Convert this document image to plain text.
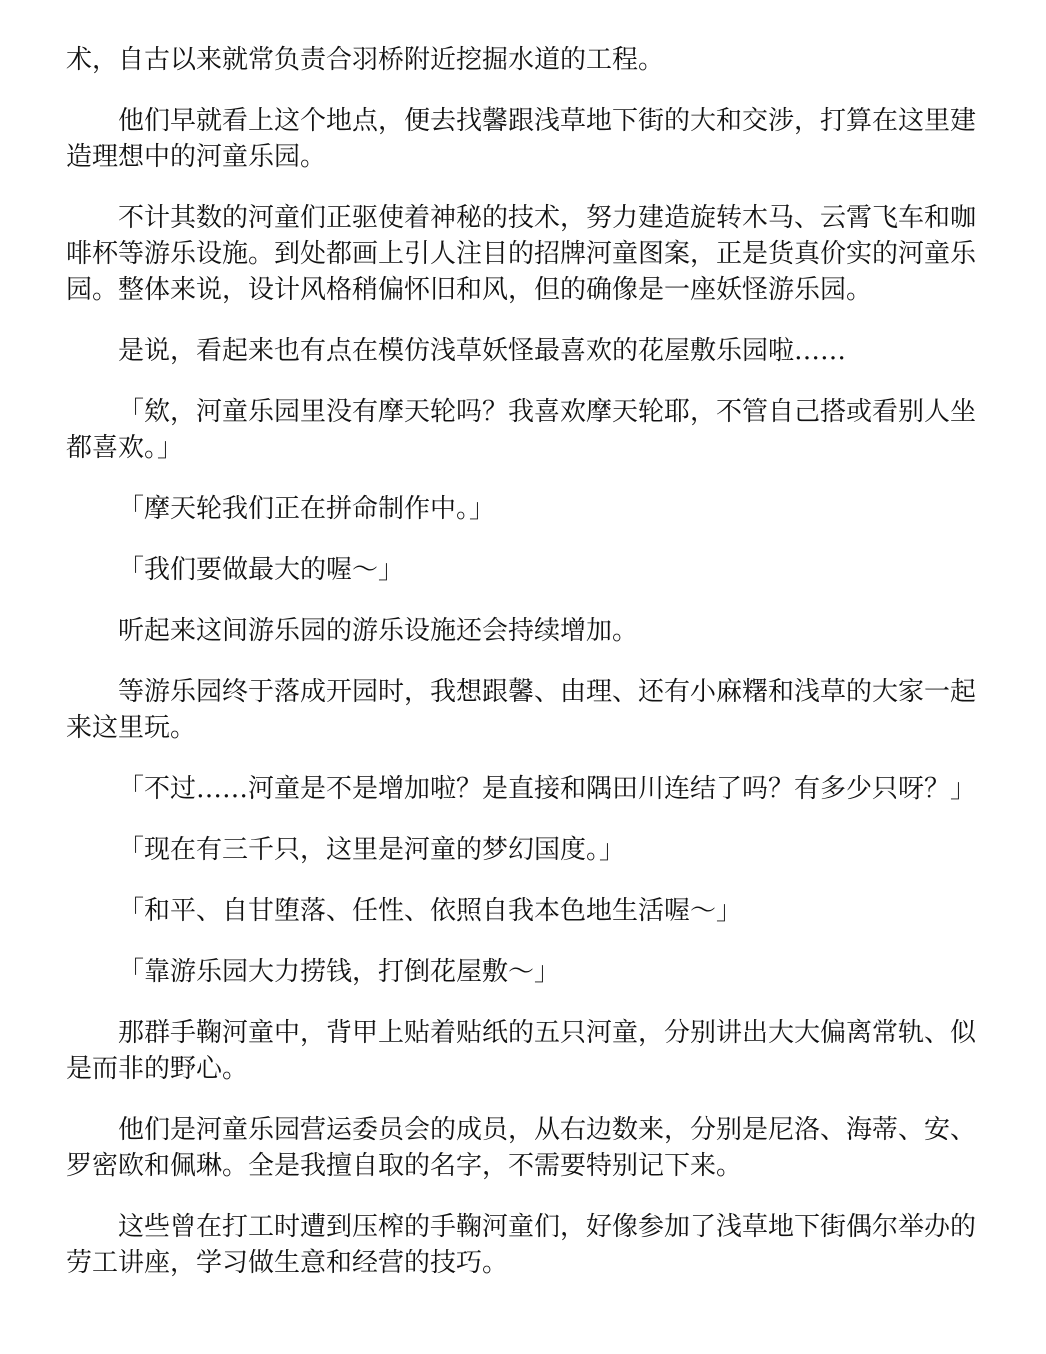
术，自古以来就常负责合羽桥附近挖掘水道的工程。

他们早就看上这个地点，便去找馨跟浅草地下街的大和交涉，打算在这里建造理想中的河童乐园。

不计其数的河童们正驱使着神秘的技术，努力建造旋转木马、云霄飞车和咖啡杯等游乐设施。到处都画上引人注目的招牌河童图案，正是货真价实的河童乐园。整体来说，设计风格稍偏怀旧和风，但的确像是一座妖怪游乐园。

是说，看起来也有点在模仿浅草妖怪最喜欢的花屋敷乐园啦……

「欸，河童乐园里没有摩天轮吗？我喜欢摩天轮耶，不管自己搭或看别人坐都喜欢。」

「摩天轮我们正在拼命制作中。」

「我们要做最大的喔～」

听起来这间游乐园的游乐设施还会持续增加。

等游乐园终于落成开园时，我想跟馨、由理、还有小麻糬和浅草的大家一起来这里玩。

「不过……河童是不是增加啦？是直接和隅田川连结了吗？有多少只呀？」

「现在有三千只，这里是河童的梦幻国度。」

「和平、自甘堕落、任性、依照自我本色地生活喔～」

「靠游乐园大力捞钱，打倒花屋敷～」

那群手鞠河童中，背甲上贴着贴纸的五只河童，分别讲出大大偏离常轨、似是而非的野心。

他们是河童乐园营运委员会的成员，从右边数来，分别是尼洛、海蒂、安、罗密欧和佩琳。全是我擅自取的名字，不需要特别记下来。

这些曾在打工时遭到压榨的手鞠河童们，好像参加了浅草地下街偶尔举办的劳工讲座，学习做生意和经营的技巧。
